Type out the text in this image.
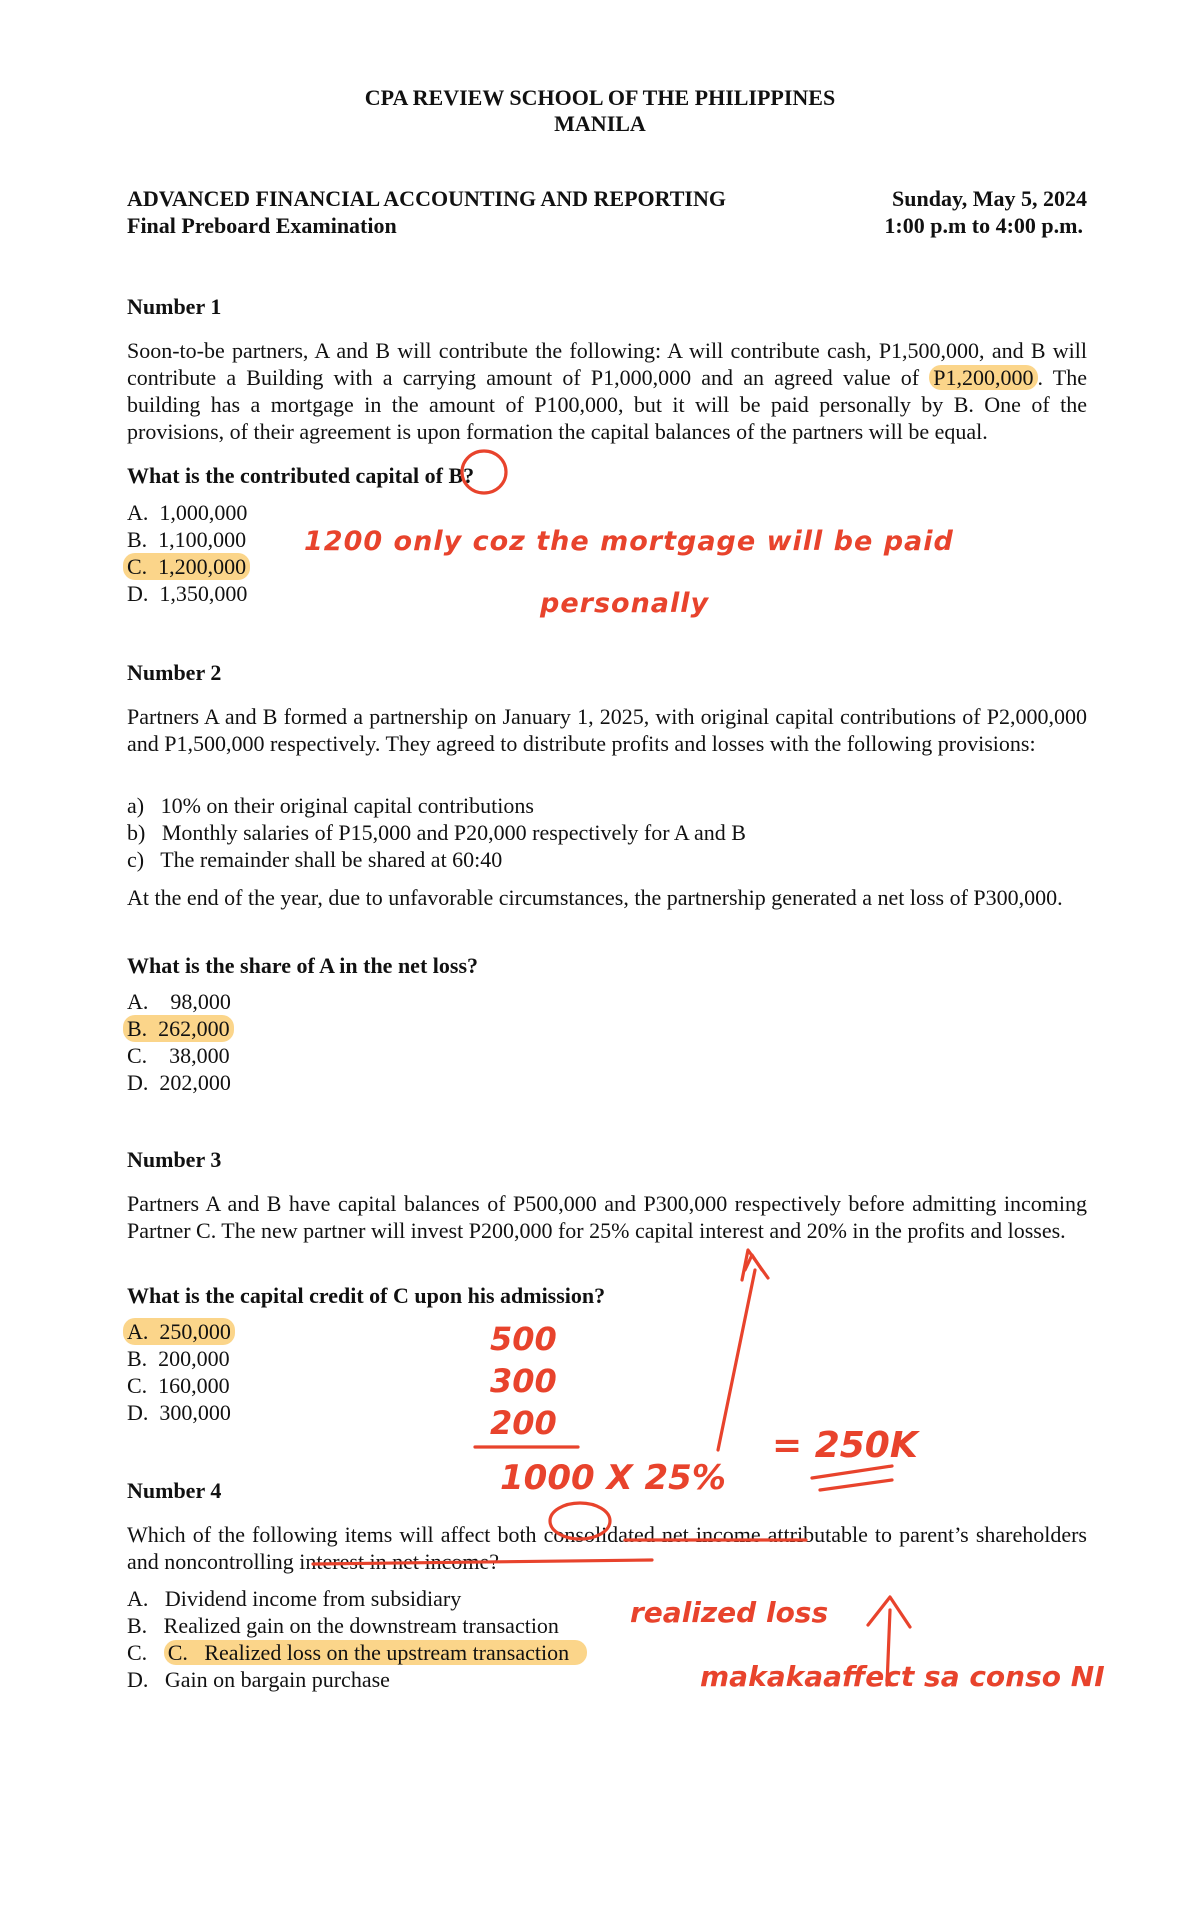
CPA REVIEW SCHOOL OF THE PHILIPPINES
MANILA
ADVANCED FINANCIAL ACCOUNTING AND REPORTING
Final Preboard Examination
Sunday, May 5, 2024
1:00 p.m to 4:00 p.m.
Number 1

Soon-to-be partners, A and B will contribute the following: A will contribute cash, P1,500,000, and B will contribute a Building with a carrying amount of P1,000,000 and an agreed value of P1,200,000 . The building has a mortgage in the amount of P100,000, but it will be paid personally by B. One of the provisions, of their agreement is upon formation the capital balances of the partners will be equal.

What is the contributed capital of B?
A.  1,000,000
B.  1,100,000
C.  1,200,000
D.  1,350,000
Number 2

Partners A and B formed a partnership on January 1, 2025, with original capital contributions of P2,000,000 and P1,500,000 respectively. They agreed to distribute profits and losses with the following provisions:

a)   10% on their original capital contributions
b)   Monthly salaries of P15,000 and P20,000 respectively for A and B
c)   The remainder shall be shared at 60:40

At the end of the year, due to unfavorable circumstances, the partnership generated a net loss of P300,000.

What is the share of A in the net loss?
A.    98,000
B.  262,000
C.    38,000
D.  202,000
Number 3

Partners A and B have capital balances of P500,000 and P300,000 respectively before admitting incoming Partner C. The new partner will invest P200,000 for 25% capital interest and 20% in the profits and losses.

What is the capital credit of C upon his admission?
A.  250,000
B.  200,000
C.  160,000
D.  300,000
Number 4

Which of the following items will affect both consolidated net income attributable to parent’s shareholders and noncontrolling interest in net income?

A.   Dividend income from subsidiary
B.   Realized gain on the downstream transaction
C.   C.   Realized loss on the upstream transaction
D.   Gain on bargain purchase
1200 only coz the mortgage will be paid
personally
500
300
200
1000 X 25%
= 250K
realized loss
makakaaffect sa conso NI
